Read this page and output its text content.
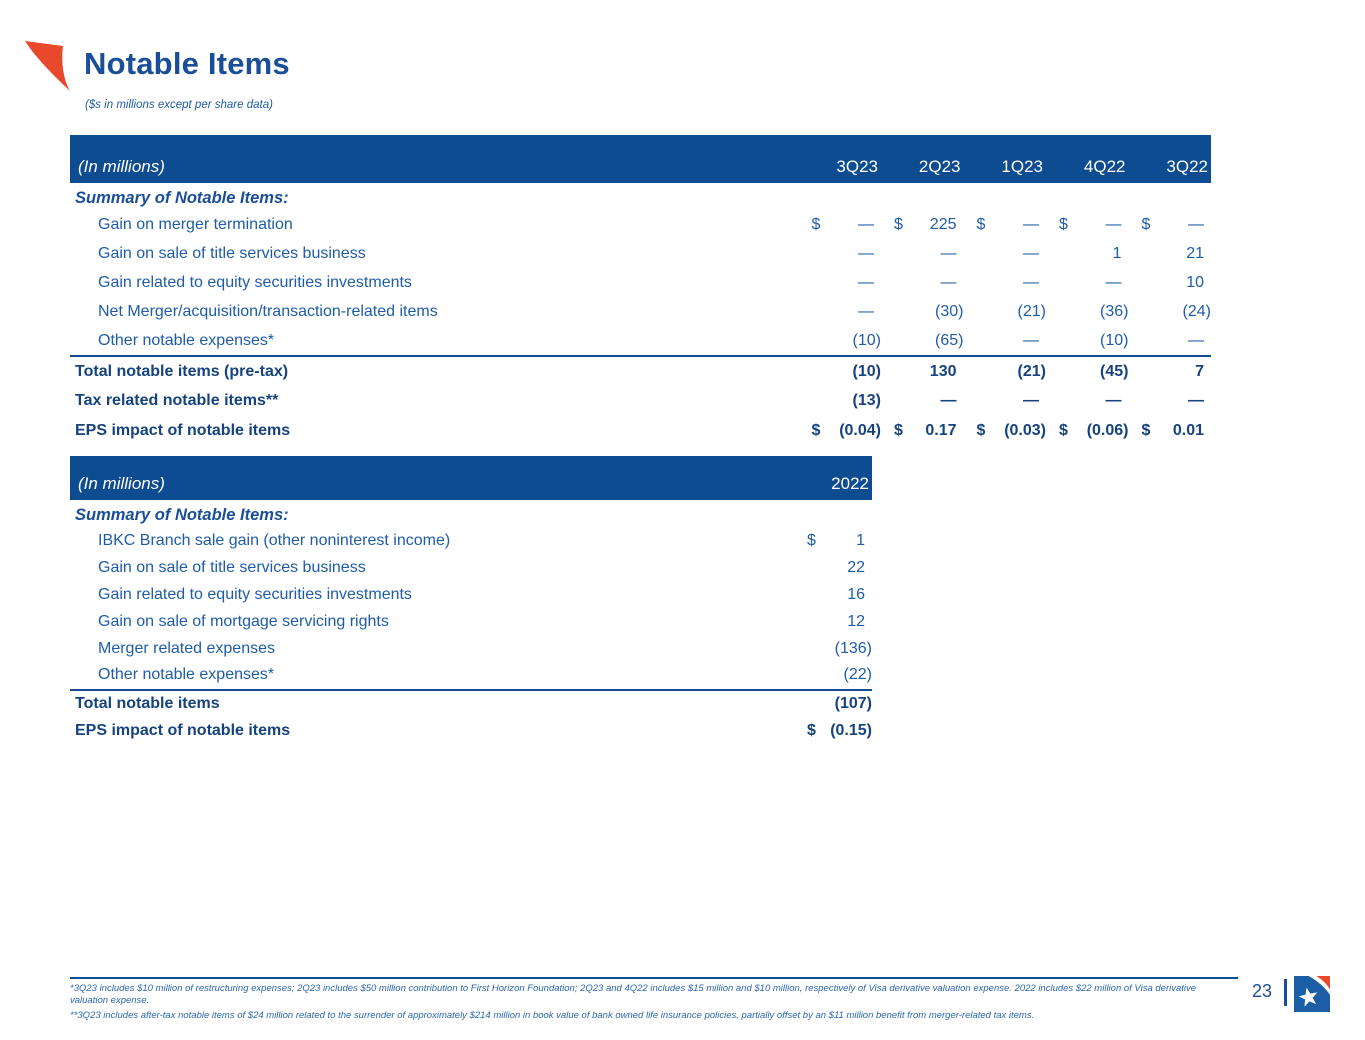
Notable Items
($s in millions except per share data)
(In millions)	3Q23	2Q23	1Q23	4Q22	3Q22
Summary of Notable Items:
Gain on merger termination	$ — $ 225 $ — $ — $ —
Gain on sale of title services business	—	—	—	1	21
Gain related to equity securities investments	—	—	—	—	10
Net Merger/acquisition/transaction-related items	—	(30)	(21)	(36)	(24)
Other notable expenses*	(10)	(65)	—	(10)	—
Total notable items (pre-tax)	(10)	130	(21)	(45)	7
Tax related notable items**	(13)	—	—	—	—
EPS impact of notable items	$ (0.04) $ 0.17 $ (0.03) $ (0.06) $ 0.01
(In millions)	2022
Summary of Notable Items:
IBKC Branch sale gain (other noninterest income)	$	1
Gain on sale of title services business	22
Gain related to equity securities investments	16
Gain on sale of mortgage servicing rights	12
Merger related expenses	(136)
Other notable expenses*	(22)
Total notable items	(107)
EPS impact of notable items	$ (0.15)

*3Q23 includes $10 million of restructuring expenses; 2Q23 includes $50 million contribution to First Horizon Foundation; 2Q23 and 4Q22 includes $15 million and $10 million, respectively of Visa derivative valuation expense. 2022 includes $22 million of Visa derivative valuation expense.

**3Q23 includes after-tax notable items of $24 million related to the surrender of approximately $214 million in book value of bank owned life insurance policies, partially offset by an $11 million benefit from merger-related tax items.

23
